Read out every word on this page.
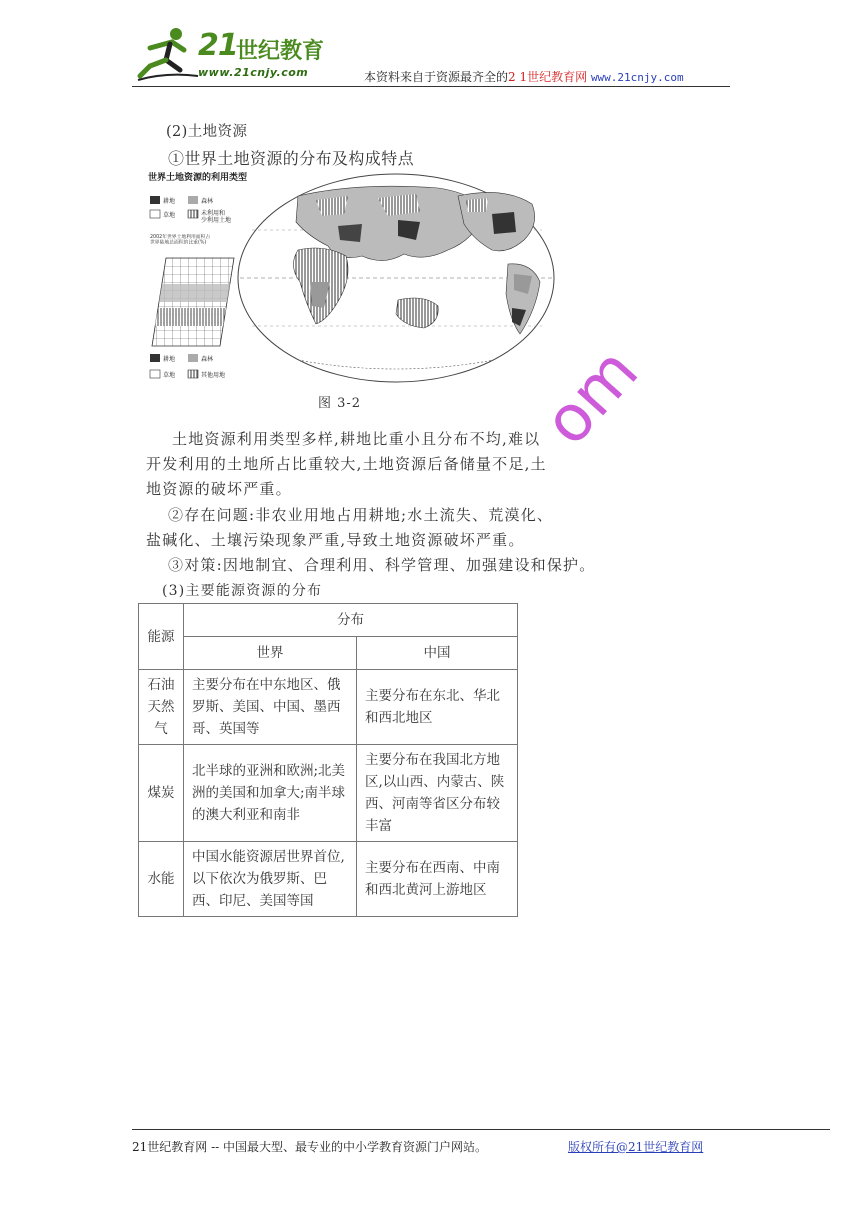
21
世纪教育
www.21cnjy.com	本资料来自于资源最齐全的2 1世纪教育网 www.21cnjy.com
(2)土地资源
①世界土地资源的分布及构成特点
世界土地资源的利用类型
耕地	森林
草地	未利用和少利用土地
2002年世界土地利用面积占世界陆地总面积的比重(%)
耕地	森林
草地	其他用地
图 3-2
土地资源利用类型多样,耕地比重小且分布不均,难以
开发利用的土地所占比重较大,土地资源后备储量不足,土
地资源的破坏严重。
②存在问题:非农业用地占用耕地;水土流失、荒漠化、
盐碱化、土壤污染现象严重,导致土地资源破坏严重。
③对策:因地制宜、合理利用、科学管理、加强建设和保护。
(3)主要能源资源的分布
om
能源	分布	
	世界	中国
石油
天然
气	主要分布在中东地区、俄罗斯、美国、中国、墨西哥、英国等	主要分布在东北、华北和西北地区
煤炭	北半球的亚洲和欧洲;北美洲的美国和加拿大;南半球的澳大利亚和南非	主要分布在我国北方地区,以山西、内蒙古、陕西、河南等省区分布较丰富
水能	中国水能资源居世界首位,以下依次为俄罗斯、巴西、印尼、美国等国	主要分布在西南、中南和西北黄河上游地区
21世纪教育网 -- 中国最大型、最专业的中小学教育资源门户网站。	版权所有@21世纪教育网
